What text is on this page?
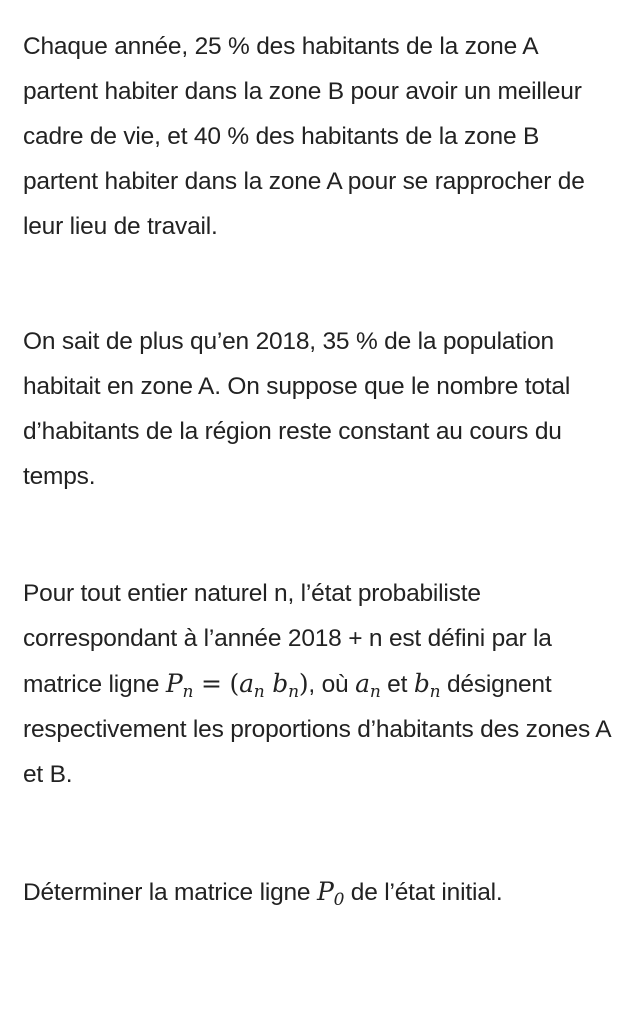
Chaque année, 25 % des habitants de la zone A partent habiter dans la zone B pour avoir un meilleur cadre de vie, et 40 % des habitants de la zone B partent habiter dans la zone A pour se rapprocher de leur lieu de travail.

On sait de plus qu’en 2018, 35 % de la population habitait en zone A. On suppose que le nombre total d’habitants de la région reste constant au cours du temps.

Pour tout entier naturel n, l’état probabiliste correspondant à l’année 2018 + n est défini par la matrice ligne $P_n = (a_n$ $b_n$), où $a_n$ et $b_n$ désignent respectivement les proportions d’habitants des zones A et B.

Déterminer la matrice ligne $P_0$ de l’état initial.
